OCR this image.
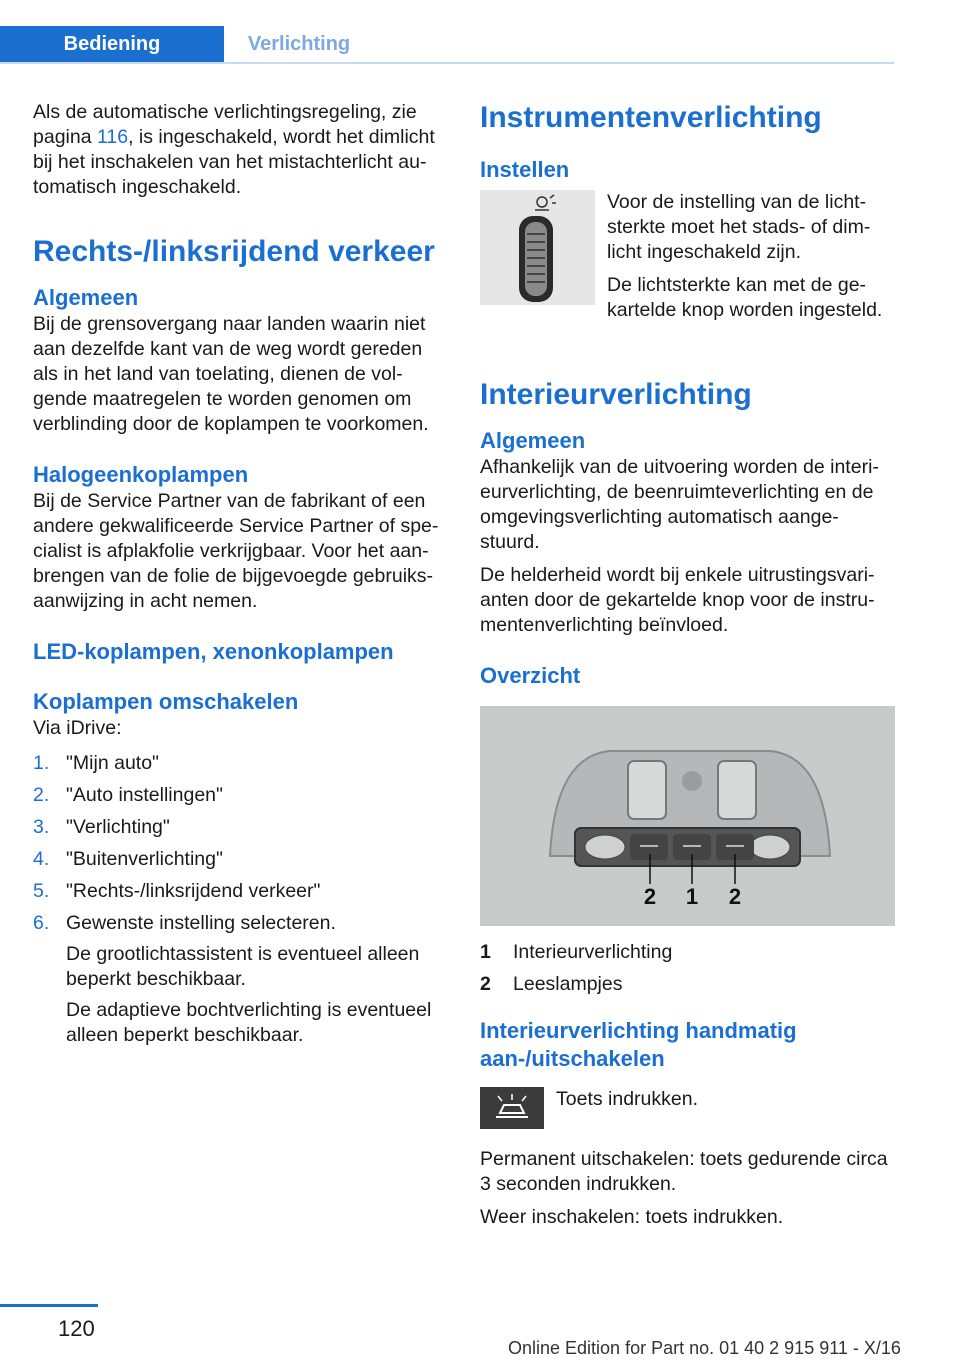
Bediening	Verlichting

Als de automatische verlichtingsregeling, zie pagina 116, is ingeschakeld, wordt het dimlicht bij het inschakelen van het mistachterlicht au‐tomatisch ingeschakeld.

Rechts-/linksrijdend verkeer
Algemeen

Bij de grensovergang naar landen waarin niet aan dezelfde kant van de weg wordt gereden als in het land van toelating, dienen de vol‐gende maatregelen te worden genomen om verblinding door de koplampen te voorkomen.

Halogeenkoplampen

Bij de Service Partner van de fabrikant of een andere gekwalificeerde Service Partner of spe‐cialist is afplakfolie verkrijgbaar. Voor het aan‐brengen van de folie de bijgevoegde gebruiks‐aanwijzing in acht nemen.

LED-koplampen, xenonkoplampen
Koplampen omschakelen

Via iDrive:

1. "Mijn auto"
2. "Auto instellingen"
3. "Verlichting"
4. "Buitenverlichting"
5. "Rechts-/linksrijdend verkeer"
6. Gewenste instelling selecteren.
De grootlichtassistent is eventueel alleen beperkt beschikbaar.
De adaptieve bochtverlichting is eventueel alleen beperkt beschikbaar.
Instrumentenverlichting
Instellen

Voor de instelling van de licht‐sterkte moet het stads- of dim‐licht ingeschakeld zijn.

De lichtsterkte kan met de ge‐kartelde knop worden ingesteld.

Interieurverlichting
Algemeen

Afhankelijk van de uitvoering worden de interi‐eurverlichting, de beenruimteverlichting en de omgevingsverlichting automatisch aange‐stuurd.

De helderheid wordt bij enkele uitrustingsvari‐anten door de gekartelde knop voor de instru‐mentenverlichting beïnvloed.

Overzicht
2 1 2
1	Interieurverlichting
2	Leeslampjes
Interieurverlichting handmatig aan-/uitschakelen

Toets indrukken.

Permanent uitschakelen: toets gedurende circa 3 seconden indrukken.

Weer inschakelen: toets indrukken.

120
Online Edition for Part no. 01 40 2 915 911 - X/16
